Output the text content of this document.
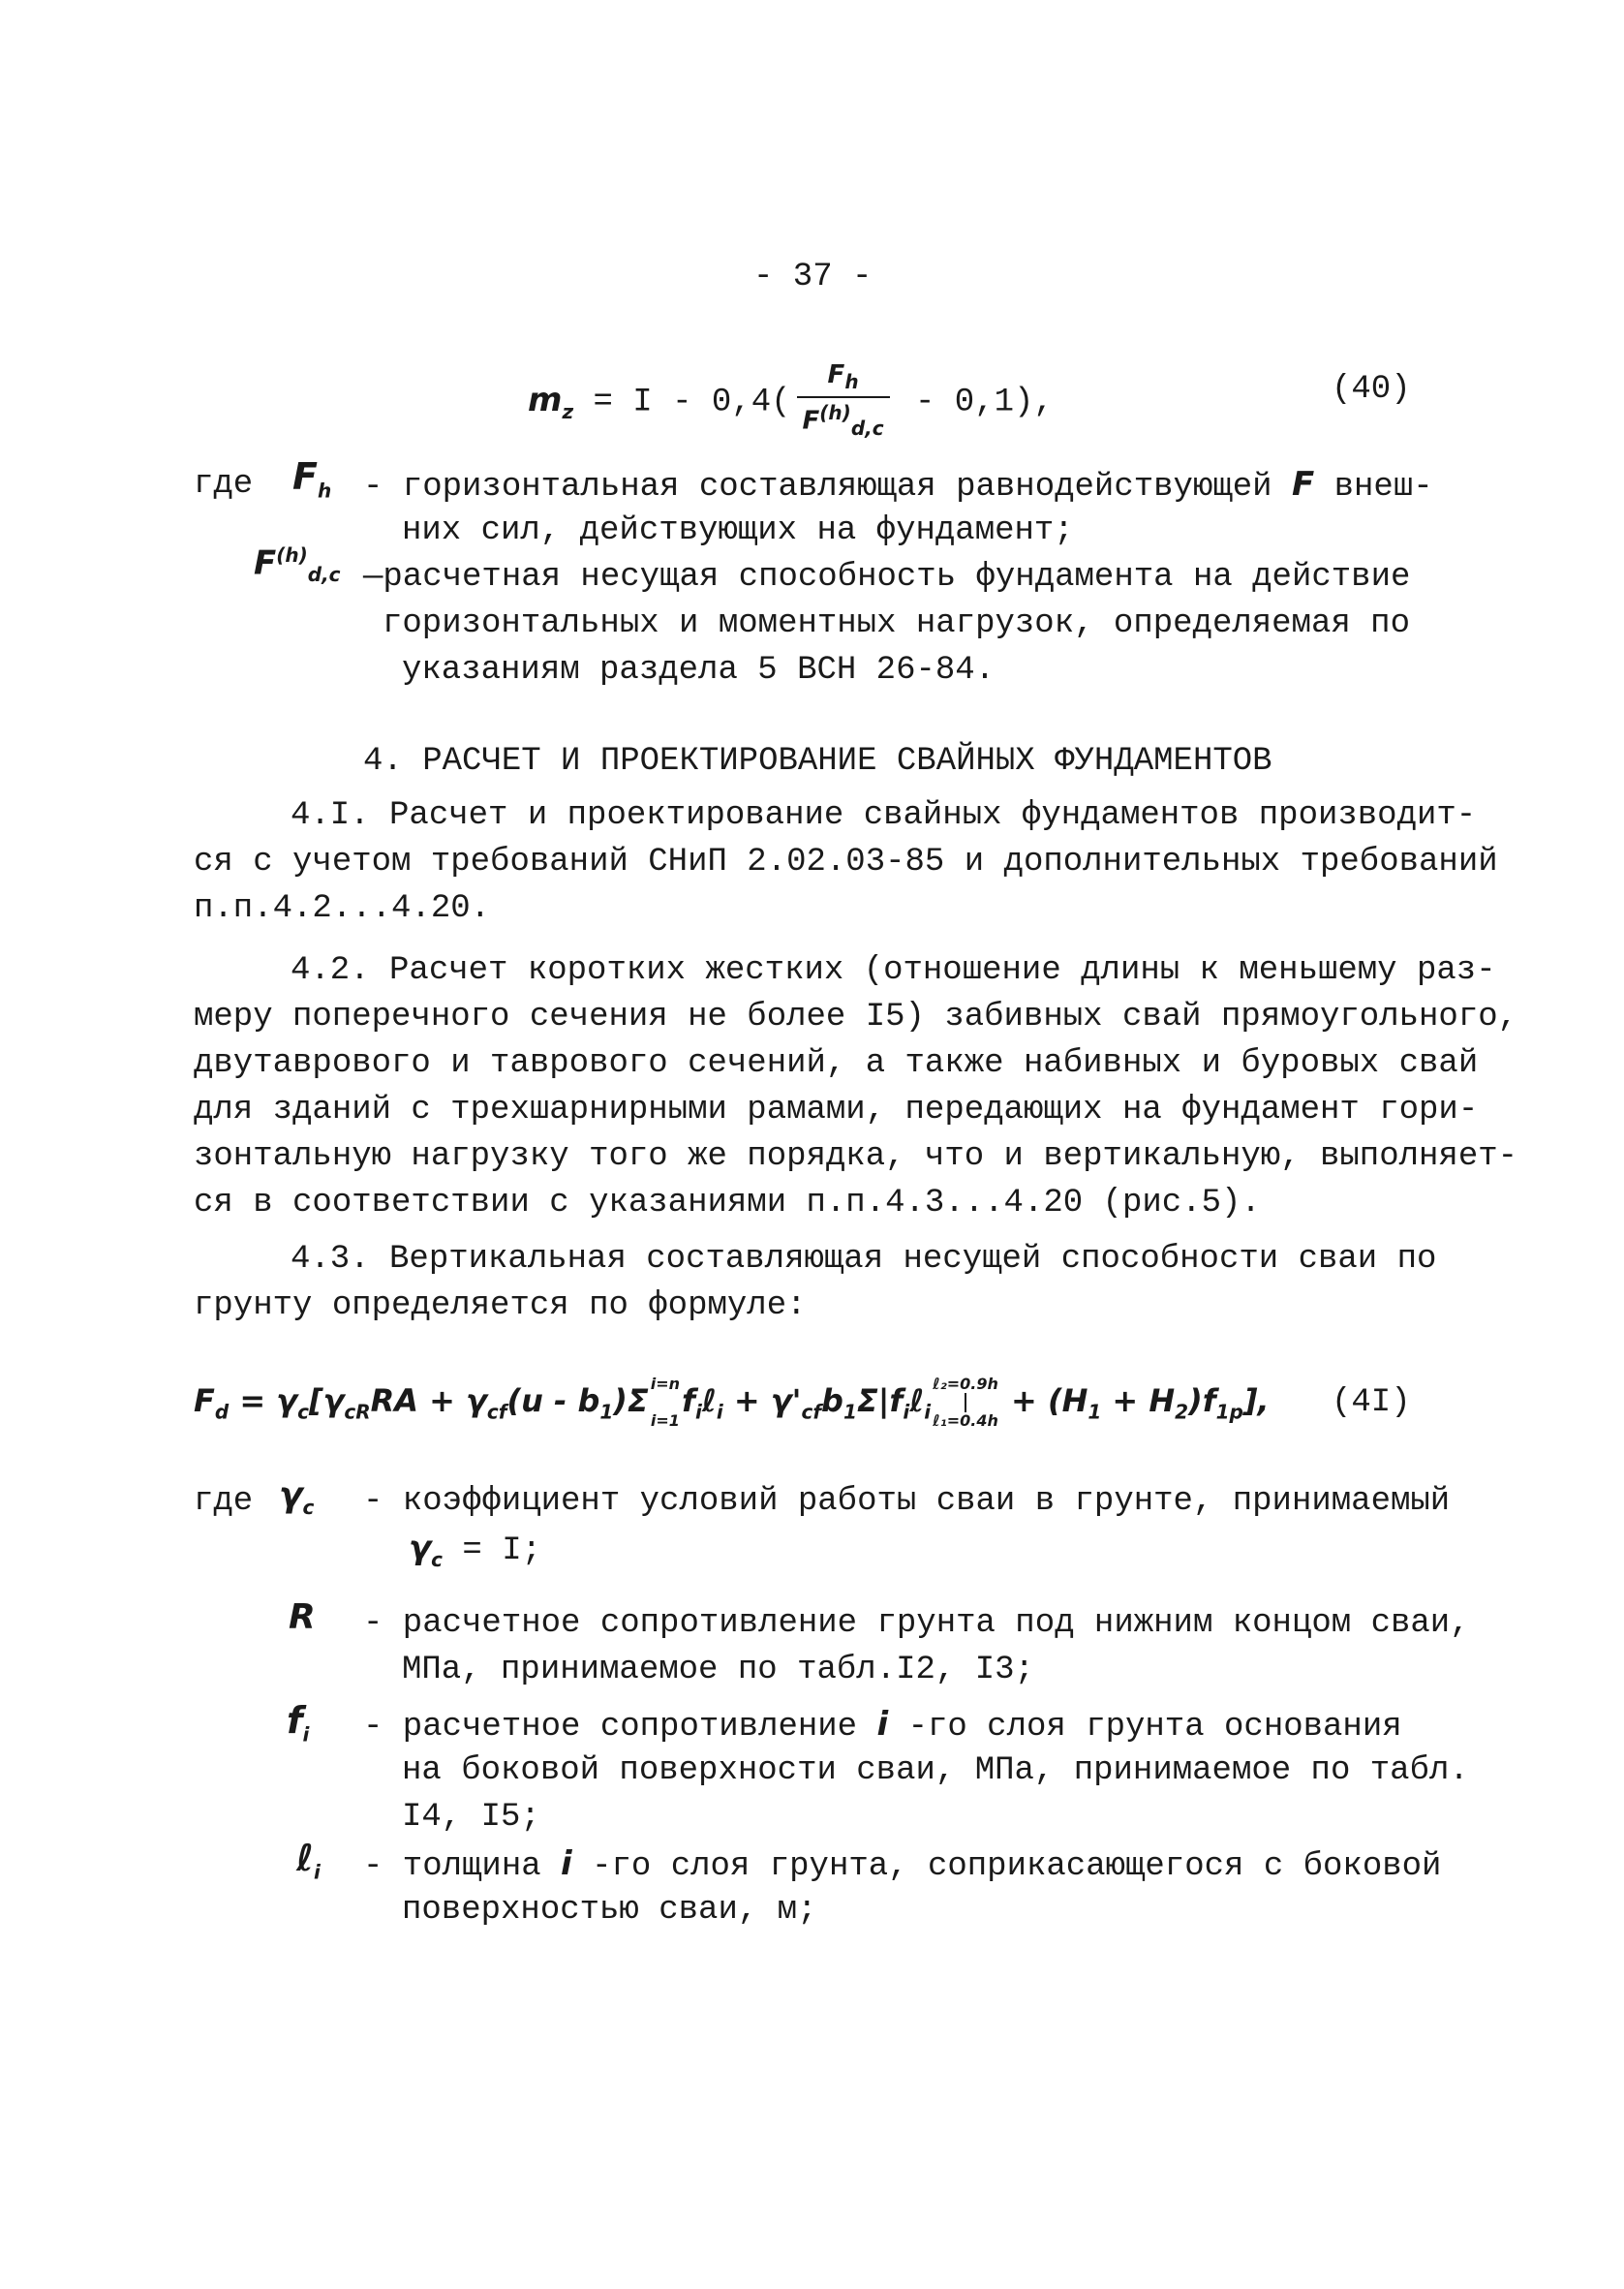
- 37 -
$m_z = I - 0,4( \frac{F_h}{F^{(h)}_{d,c}} - 0,1)$,	(40)
где $F_h$ - горизонтальная составляющая равнодействующей F внеш-
них сил, действующих на фундамент;
$F^{(h)}_{d,c}$ —расчетная несущая способность фундамента на действие
горизонтальных и моментных нагрузок, определяемая по
указаниям раздела 5 ВСН 26-84.
4. РАСЧЕТ И ПРОЕКТИРОВАНИЕ СВАЙНЫХ ФУНДАМЕНТОВ
4.I. Расчет и проектирование свайных фундаментов производит-
ся с учетом требований СНиП 2.02.03-85 и дополнительных требований
п.п.4.2...4.20.
4.2. Расчет коротких жестких (отношение длины к меньшему раз-
меру поперечного сечения не более I5) забивных свай прямоугольного,
двутаврового и таврового сечений, а также набивных и буровых свай
для зданий с трехшарнирными рамами, передающих на фундамент гори-
зонтальную нагрузку того же порядка, что и вертикальную, выполняет-
ся в соответствии с указаниями п.п.4.3...4.20 (рис.5).
4.3. Вертикальная составляющая несущей способности сваи по
грунту определяется по формуле:
$F_d = \gamma_c[\gamma_{cR}RA + \gamma_{cf}(u - b_1)\Sigma$ i=n
i=1
$f_i\ell_i$ + $\gamma'_{cf}b_1\Sigma|f_i\ell_i$
ℓ₂=0.9h
ℓ₁=0.4h
+ $(H_1 + H_2)f_{1p}$], (4I)
где $\gamma_c$ - коэффициент условий работы сваи в грунте, принимаемый
$\gamma_c = I$;
R - расчетное сопротивление грунта под нижним концом сваи,
МПа, принимаемое по табл.I2, I3;
$f_i$ - расчетное сопротивление i -го слоя грунта основания
на боковой поверхности сваи, МПа, принимаемое по табл.
I4, I5;
ℓ$_i$ - толщина i -го слоя грунта, соприкасающегося с боковой
поверхностью сваи, м;
